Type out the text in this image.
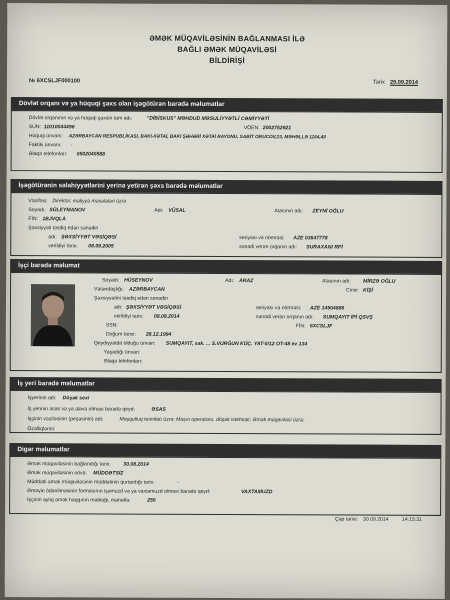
ƏMƏK MÜQAVİLƏSİNİN BAĞLANMASI İLƏ
BAĞLI ƏMƏK MÜQAVİLƏSİ
BİLDİRİŞİ
№ 6XCSLJF000100	Tarix 29.09.2014
Dövlət orqanı və ya hüquqi şəxs olan işəgötürən barədə məlumatlar
Dövlət orqanının və ya hüquqi şəxsin tam adı:	"DİBİSKUS" MƏHDUD MƏSULİYYƏTLİ CƏMİYYƏTİ
SUN: 11010044496	VÖEN: 2002752921
Hüquqi ünvanı: AZƏRBAYCAN RESPUBLİKASI, BAKI-XƏTAİ, BAKI ŞƏHƏRİ XƏTAİ RAYONU, SABİT ORUCOV,23, MƏHƏLLƏ 1184,48
Faktiki ünvanı: -
Əlaqə telefonları: 0502040588
İşəgötürənin səlahiyyətlərini yerinə yetirən şəxs barədə məlumatlar
Vəzifəsi: Direktor, məliyyə məsələləri üzrə
Soyadı: SÜLEYMANOV	Adı: VÜSAL	Atasının adı: ZEYNİ OĞLU
FİN: 1BJVQLA
Şəxsiyyəti təsdiq edən sənədin
adı: ŞƏXSİYYƏT VƏSİQƏSİ	seriyası və nömrəsi: AZE 03647778
verildiyi tarix: 08.09.2005	sənədi verən orqanın adı: SURAXANI RPİ
İşçi barədə məlumat
Soyadı: HÜSEYNOV	Adı: ARAZ	Atasının adı: MİRZƏ OĞLU
Vətəndaşlığı: AZƏRBAYCAN	Cinsi: KİŞİ
Şəxsiyyətini təsdiq edən sənədin
adı: ŞƏXSİYYƏT VƏSİQƏSİ	seriyası və nömrəsi: AZE 14904886
verildiyi tarix: 08.08.2014	sənədi verən orqanın adı: SUMQAYIT İPİ QSVŞ
FİN: 6XCSLJF
SSN:
Doğum tarixi: 28.12.1994
Qeydiyyatda olduğu ünvan: SUMQAYIT, sak. ... S.VURĞUN KÜÇ. YAT-0/12 OT-48 ev 134
Yaşadığı ünvan:
Əlaqə telefonları:
İş yeri barədə məlumatlar
İşyerinin adı: Döşək sexi
İş yerinin əsas və ya əlavə olması barədə qeyd:	ƏSAS
İşçinin vəzifəsinin (peşəsinin) adı:	Maşqulluq təsnifatı üzrə: Maşın operatoru, döşək istehsalı; Əmək müqaviləsi üzrə:
Özəlliqlərini:
Digər məlumatlar
Əmək müqaviləsinin bağlandığı tarix: 30.08.2014
Əmək müqaviləsinin növü: MÜDDƏTSİZ
Müddətli əmək müqaviləsinin müddətinin qurtardığı tarix:	-
Əməyin ödənilməsinin formasının işəmuzd və ya vaxtamuzd olması barədə qeyd:	VAXTAMUZD
İşçinin aylıq əmək haqqının məbləği, manatla:	250
Çap tarixi: 30.09.2014	14:15:31
